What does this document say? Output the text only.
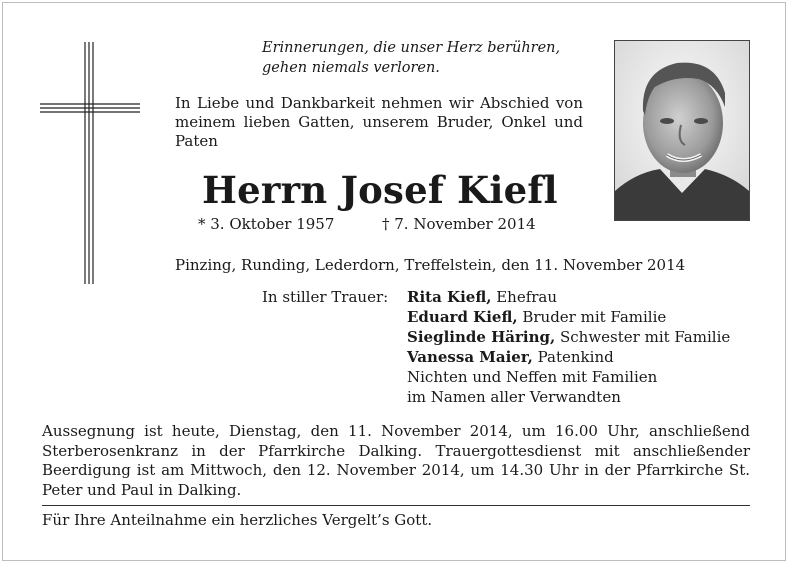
Erinnerungen, die unser Herz berühren,
gehen niemals verloren.
In Liebe und Dankbarkeit nehmen wir Abschied von meinem lieben Gatten, unserem Bruder, Onkel und Paten
Herrn Josef Kiefl
* 3. Oktober 1957	† 7. November 2014
Pinzing, Runding, Lederdorn, Treffelstein, den 11. November 2014
In stiller Trauer: Rita Kiefl, Ehefrau
Eduard Kiefl, Bruder mit Familie
Sieglinde Häring, Schwester mit Familie
Vanessa Maier, Patenkind
Nichten und Neffen mit Familien
im Namen aller Verwandten
Aussegnung ist heute, Dienstag, den 11. November 2014, um 16.00 Uhr, anschließend Sterberosenkranz in der Pfarrkirche Dalking. Trauergottesdienst mit anschließender Beerdigung ist am Mittwoch, den 12. November 2014, um 14.30 Uhr in der Pfarrkirche St. Peter und Paul in Dalking.
Für Ihre Anteilnahme ein herzliches Vergelt’s Gott.
